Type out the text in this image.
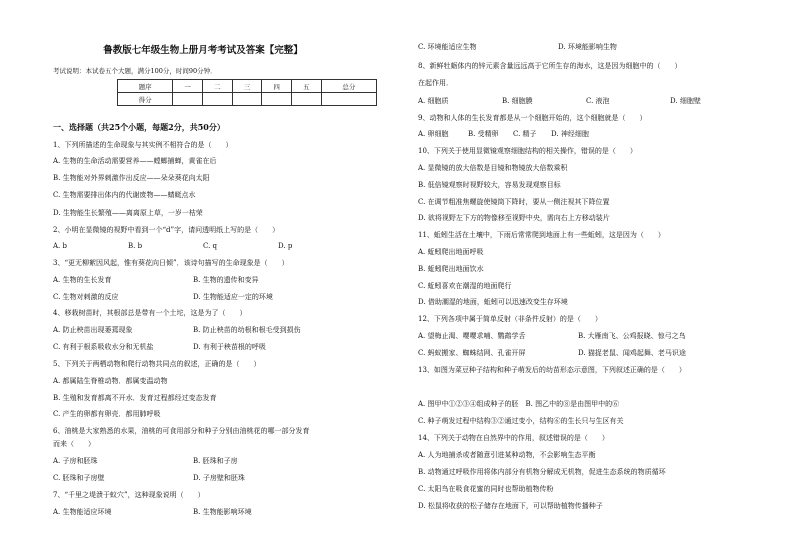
鲁教版七年级生物上册月考考试及答案【完整】
考试说明：本试卷五个大题，满分100分，时间90分钟．
题序	一	二	三	四	五	总分
得分						
一、选择题（共25个小题，每题2分，共50分）
1、下列所描述的生命现象与其实例不相符合的是（　　）
A. 生物的生命活动需要营养——螳螂捕蝉，黄雀在后
B. 生物能对外界刺激作出反应——朵朵葵花向太阳
C. 生物需要排出体内的代谢废物——蜻蜓点水
D. 生物能生长繁殖——离离原上草，一岁一枯荣
2、小明在显微镜的视野中看到一个“d”字，请问透明纸上写的是（　　）
A. b	B. b	C. q	D. p
3、“更无柳絮因风起，惟有葵花向日倾”．该诗句描写的生命现象是（　　）
A. 生物的生长发育	B. 生物的遗传和变异
C. 生物对刺激的反应	D. 生物能适应一定的环境
4、移栽树苗时，其根部总是带有一个土坨，这是为了（　　）
A. 防止秧苗出现萎蔫现象	B. 防止秧苗的幼根和根毛受到损伤
C. 有利于根系吸收水分和无机盐	D. 有利于秧苗根的呼吸
5、下列关于两栖动物和爬行动物共同点的叙述，正确的是（　　）
A. 都属陆生脊椎动物．都属变温动物
B. 生殖和发育都离不开水．发育过程都经过变态发育
C. 产生的卵都有卵壳．都用肺呼吸
6、油桃是大家熟悉的水果，油桃的可食用部分和种子分别由油桃花的哪一部分发育
而来（　　）
A. 子房和胚珠	B. 胚珠和子房
C. 胚珠和子房壁	D. 子房壁和胚珠
7、“千里之堤溃于蚁穴”，这种现象说明（　　）
A. 生物能适应环境	B. 生物能影响环境
C. 环境能适应生物	D. 环境能影响生物
8、新鲜牡蛎体内的锌元素含量远远高于它所生存的海水，这是因为细胞中的（　　）
在起作用．
A. 细胞质	B. 细胞膜	C. 液泡	D. 细胞壁
9、动物和人体的生长发育都是从一个细胞开始的，这个细胞就是（　　）
A. 卵细胞	B. 受精卵 C. 精子 D. 神经细胞
10、下列关于使用显微镜观察细胞结构的相关操作，错误的是（　　）
A. 显微镜的放大倍数是目镜和物镜放大倍数乘积
B. 低倍镜观察时视野较大，容易发现观察目标
C. 在调节粗准焦螺旋使镜筒下降时，要从一侧注视其下降位置
D. 欲将视野左下方的物像移至视野中央，需向右上方移动装片
11、蚯蚓生活在土壤中，下雨后常常爬到地面上有一些蚯蚓，这是因为（　　）
A. 蚯蚓爬出地面呼吸
B. 蚯蚓爬出地面饮水
C. 蚯蚓喜欢在潮湿的地面爬行
D. 借助潮湿的地面，蚯蚓可以迅速改变生存环境
12、下列各项中属于简单反射（非条件反射）的是（　　）
A. 望梅止渴、嘤嘤求哺、鹦鹉学舌	B. 大雁南飞、公鸡报晓、惊弓之鸟
C. 蚂蚁搬家、蜘蛛结网、孔雀开屏	D. 猫捉老鼠、闻鸡起舞、老马识途
13、如图为菜豆种子结构和种子萌发后的幼苗形态示意图，下列叙述正确的是（　　）
A. 图甲中①②③④组成种子的胚　B. 图乙中的⑧是由图甲中的⑥
C. 种子萌发过程中结构③②通过变小，结构⑥的生长只与生区有关
14、下列关于动物在自然界中的作用，叙述错误的是（　　）
A. 人为地捕杀或者随意引进某种动物，不会影响生态平衡
B. 动物通过呼吸作用将体内部分有机物分解成无机物，促进生态系统的物质循环
C. 太阳鸟在吸食花蜜的同时也帮助植物传粉
D. 松鼠将收获的松子储存在地面下，可以帮助植物传播种子
